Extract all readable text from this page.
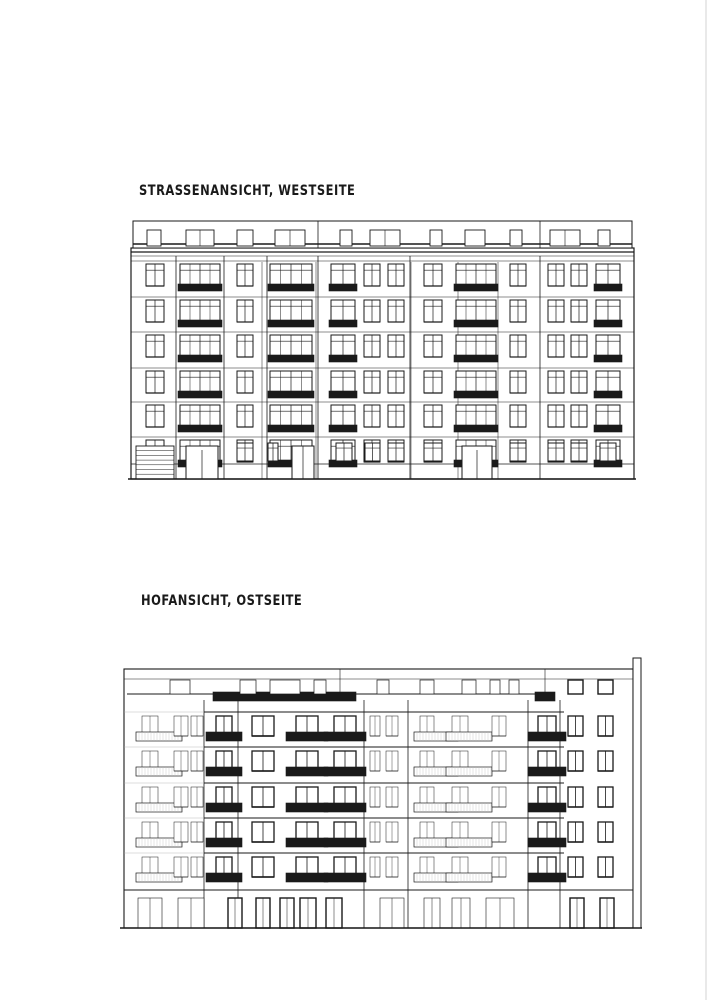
STRASSENANSICHT, WESTSEITE
HOFANSICHT, OSTSEITE
